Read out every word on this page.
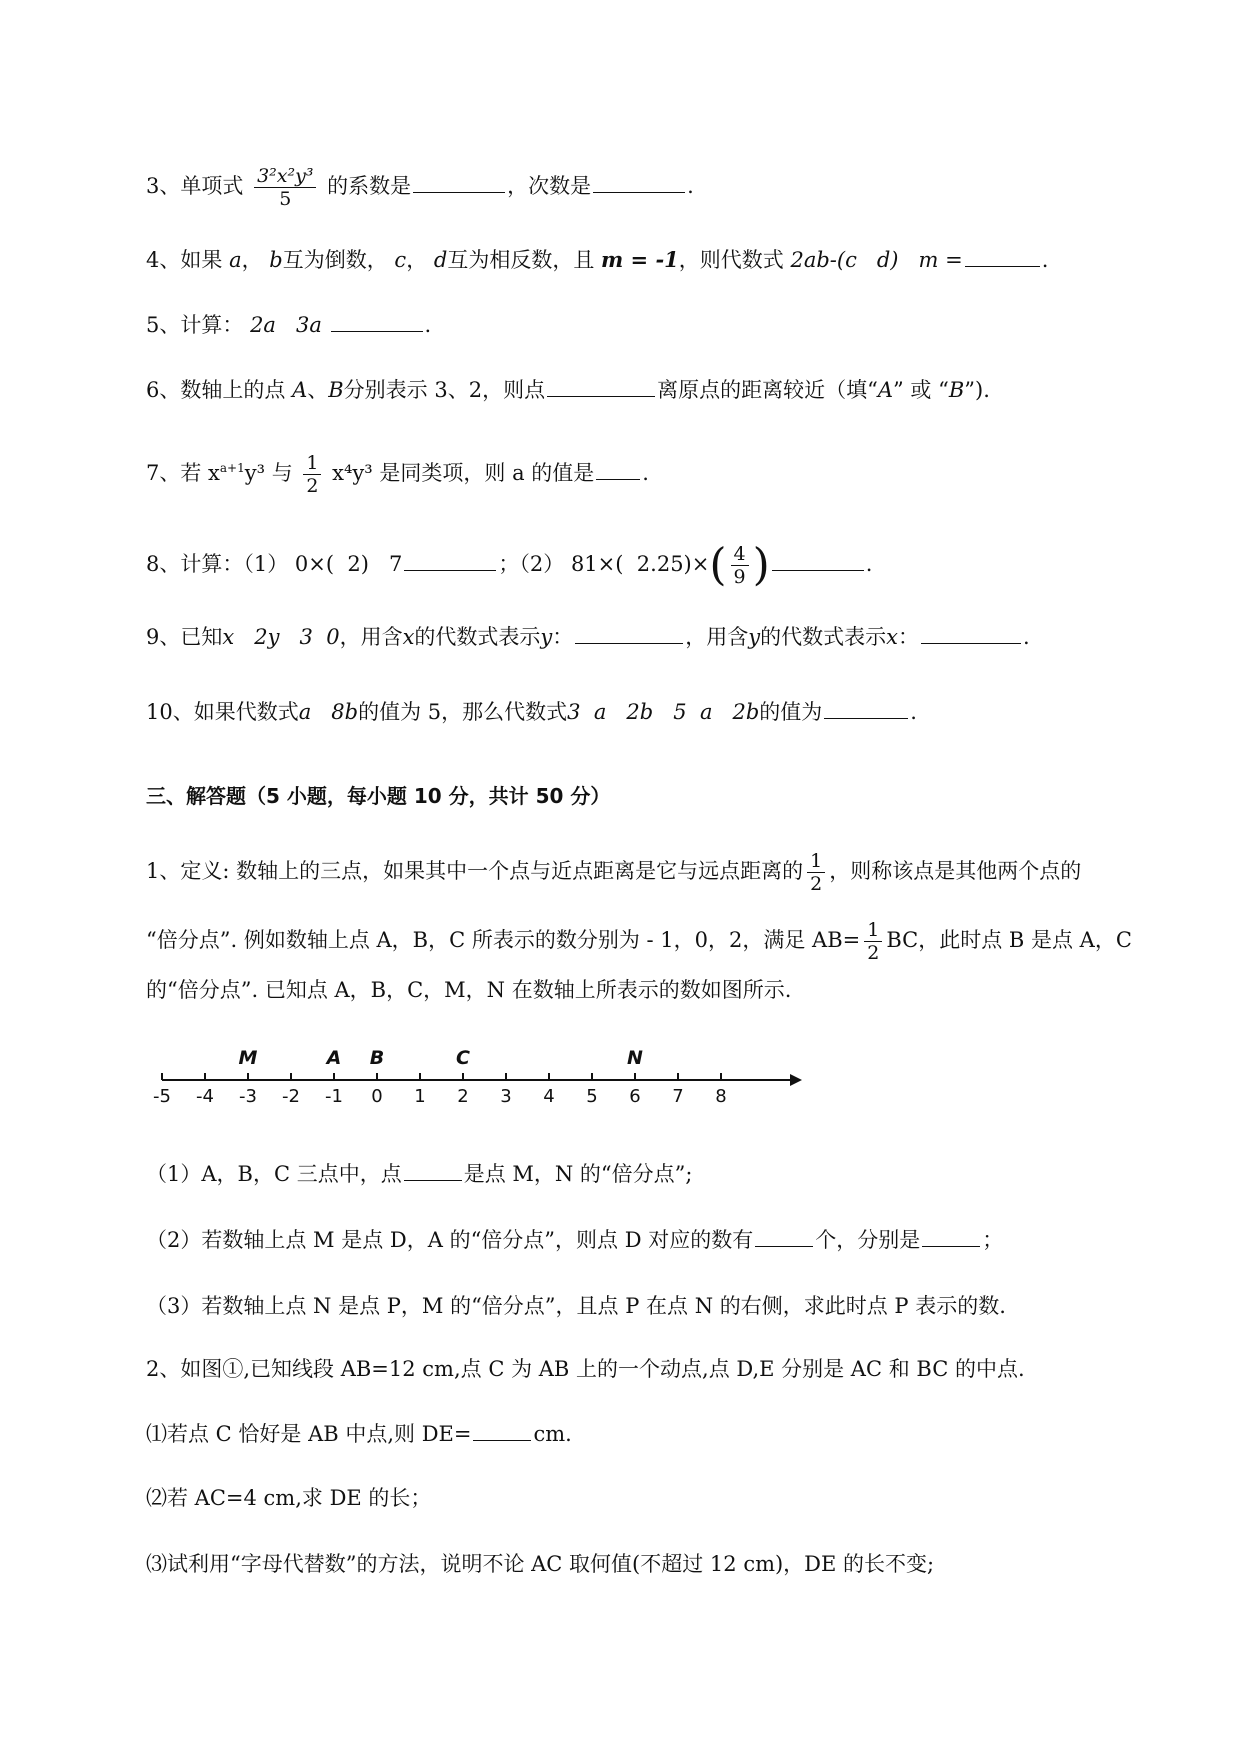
3、单项式 $\frac{\text{3²x²y³}}{5}$ 的系数是	，次数是	.
4、如果 a， b互为倒数， c， d互为相反数，且 m = -1，则代数式 2ab-(c   d)   m =	.
5、计算： 2a   3a	.
6、数轴上的点 A、B分别表示 3、2，则点	离原点的距离较近（填“A” 或 “B”).
7、若 $x^{a+1}y^3$ 与 $\frac{1}{2} x^4y^3$ 是同类项，则 a 的值是 .
8、计算：（1） 0×(  2)   7	；（2） 81×(  $2.25)\times( \frac{4}{9}$ )	.
9、已知x   2y   3  0，用含x的代数式表示y：	，用含y的代数式表示x：	.
10、如果代数式a   8b的值为 5，那么代数式3  a   2b   5  a   2b的值为	.
三、解答题（5 小题，每小题 10 分，共计 50 分）
1、定义: 数轴上的三点，如果其中一个点与近点距离是它与远点距离的 $\frac{1}{2}$ ，则称该点是其他两个点的
“倍分点”. 例如数轴上点 A，B，C 所表示的数分别为 - 1，0，2，满足 $AB= \frac{1}{2}$ BC，此时点 B 是点 A，C
的“倍分点”. 已知点 A，B，C，M，N 在数轴上所表示的数如图所示.
-5 -4 -3 -2 -1 0 1 2 3 4 5 6 7 8
M	A B	C	N
（1）A，B，C 三点中，点	是点 M，N 的“倍分点”;
（2）若数轴上点 M 是点 D，A 的“倍分点”，则点 D 对应的数有	个，分别是	；
（3）若数轴上点 N 是点 P，M 的“倍分点”，且点 P 在点 N 的右侧，求此时点 P 表示的数.
2、如图①,已知线段 AB=12 cm,点 C 为 AB 上的一个动点,点 D,E 分别是 AC 和 BC 的中点.
⑴若点 C 恰好是 AB 中点,则 DE=	cm.
⑵若 AC=4 cm,求 DE 的长；
⑶试利用“字母代替数”的方法，说明不论 AC 取何值(不超过 12 cm)，DE 的长不变;
